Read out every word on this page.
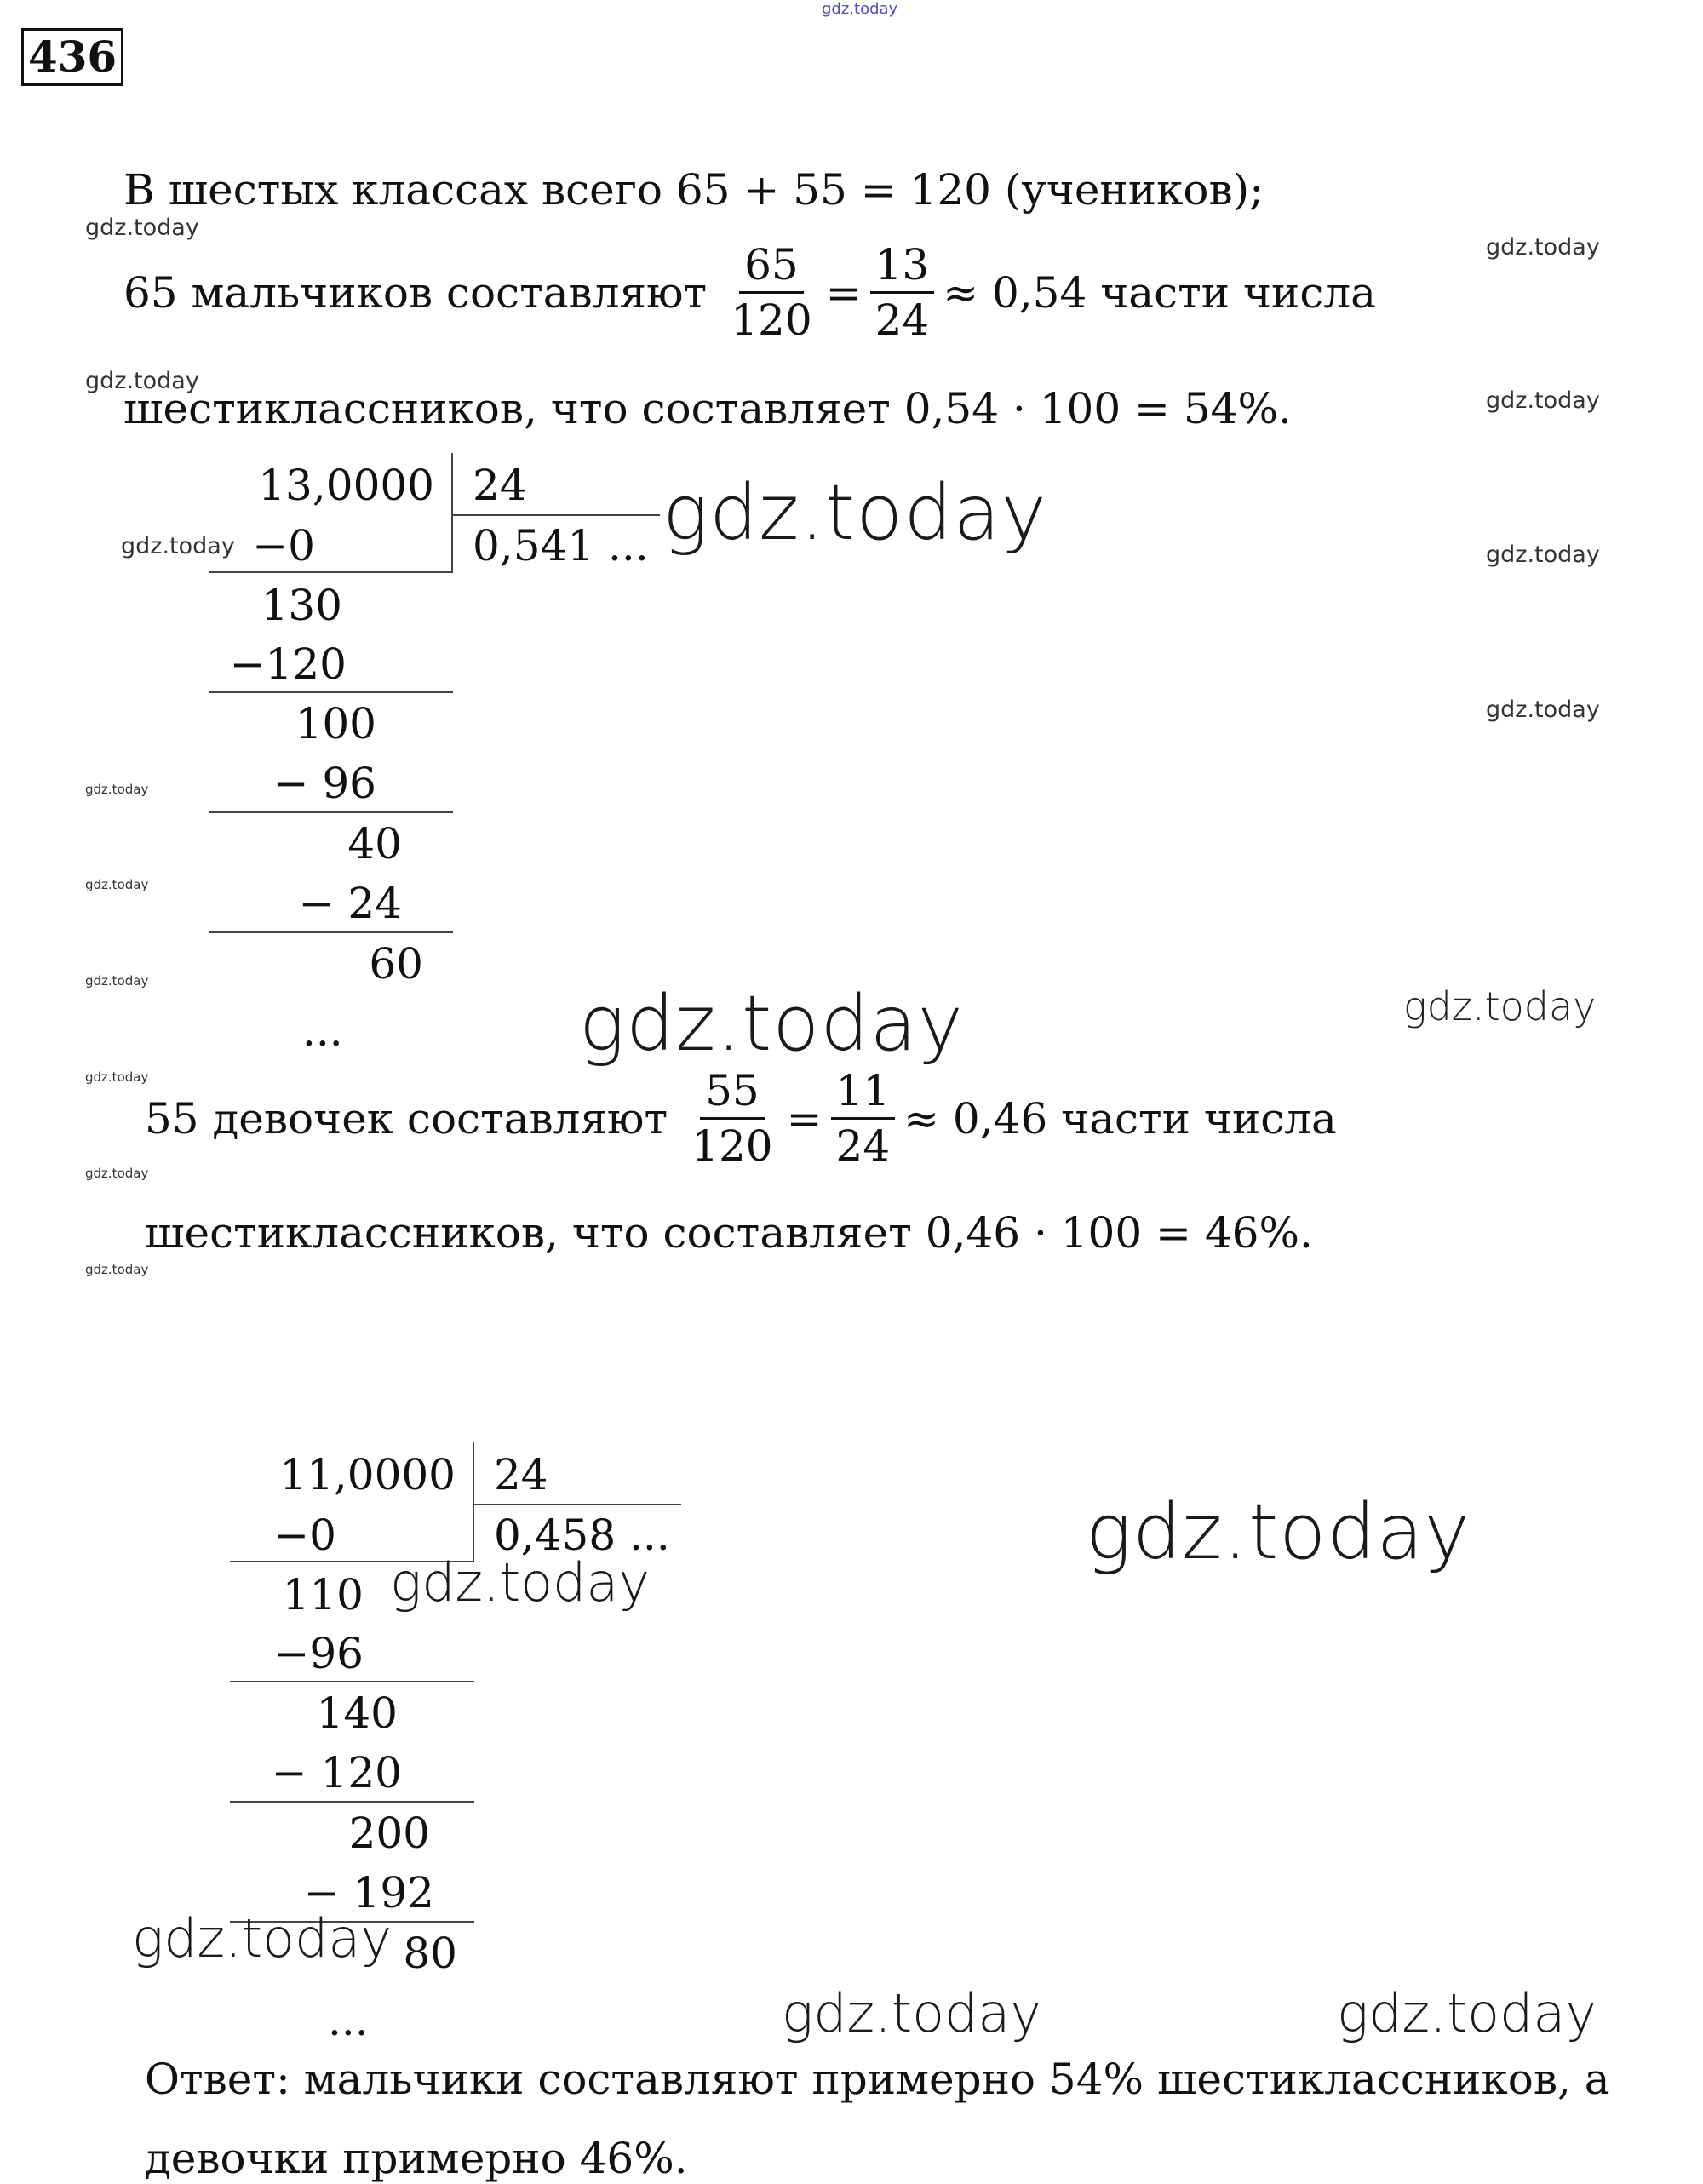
gdz.today
436
В шестых классах всего 65 + 55 = 120 (учеников);
65 мальчиков составляют $\frac{65}{120} = \frac{13}{24} \approx 0,54$ части числа
шестиклассников, что составляет 0,54 · 100 = 54%.
13,0000 24
0,541 ...
−0
130
−120
100
− 96
40
− 24
60
...
55 девочек составляют $\frac{55}{120} = \frac{11}{24} \approx 0,46$ части числа
шестиклассников, что составляет 0,46 · 100 = 46%.
11,0000 24
0,458 ...
−0
110
−96
140
− 120
200
− 192
80
...
Ответ: мальчики составляют примерно 54% шестиклассников, а
девочки примерно 46%.
gdz.today
gdz.today
gdz.today
gdz.today
gdz.today	gdz.today	gdz.today
gdz.today
gdz.today
gdz.today
gdz.today	gdz.today	gdz.today
gdz.today
gdz.today
gdz.today
gdz.today
gdz.today
gdz.today
gdz.today	gdz.today
